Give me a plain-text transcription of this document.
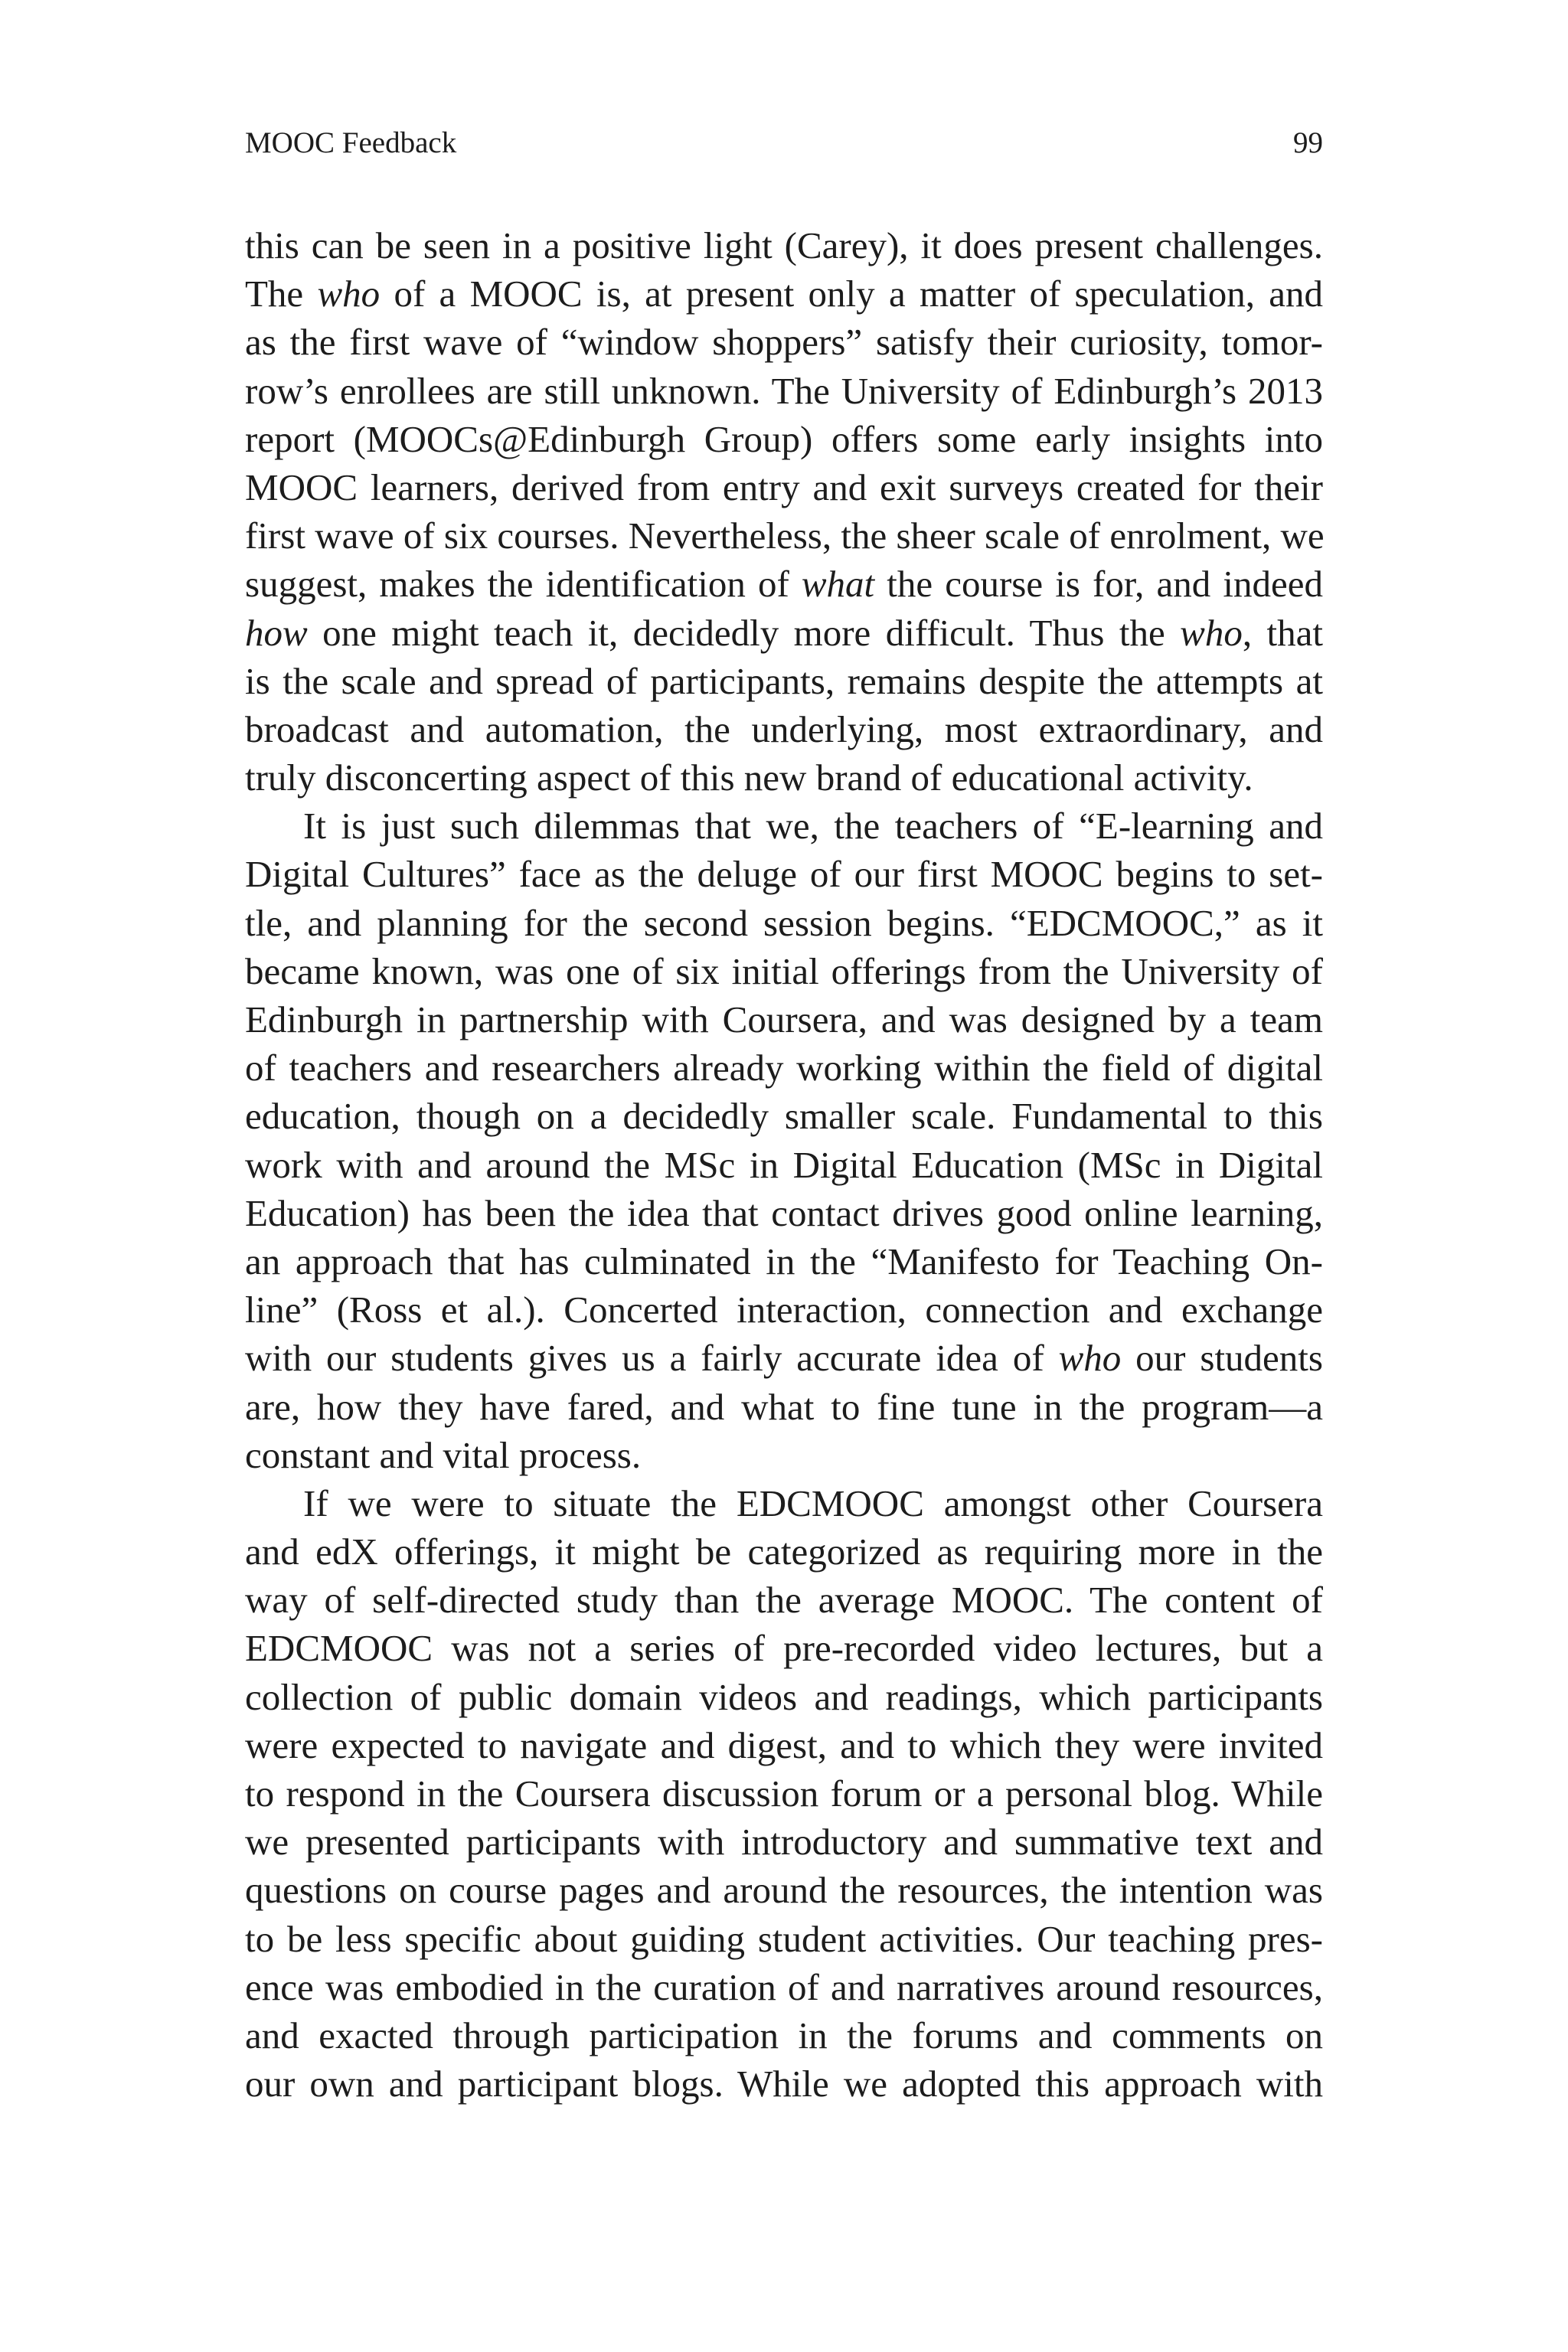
MOOC Feedback	99
this can be seen in a positive light (Carey), it does present challenges.
The who of a MOOC is, at present only a matter of speculation, and
as the first wave of “window shoppers” satisfy their curiosity, tomor-
row’s enrollees are still unknown. The University of Edinburgh’s 2013
report (MOOCs@Edinburgh Group) offers some early insights into
MOOC learners, derived from entry and exit surveys created for their
first wave of six courses. Nevertheless, the sheer scale of enrolment, we
suggest, makes the identification of what the course is for, and indeed
how one might teach it, decidedly more difficult. Thus the who, that
is the scale and spread of participants, remains despite the attempts at
broadcast and automation, the underlying, most extraordinary, and
truly disconcerting aspect of this new brand of educational activity.
It is just such dilemmas that we, the teachers of “E-learning and
Digital Cultures” face as the deluge of our first MOOC begins to set-
tle, and planning for the second session begins. “EDCMOOC,” as it
became known, was one of six initial offerings from the University of
Edinburgh in partnership with Coursera, and was designed by a team
of teachers and researchers already working within the field of digital
education, though on a decidedly smaller scale. Fundamental to this
work with and around the MSc in Digital Education (MSc in Digital
Education) has been the idea that contact drives good online learning,
an approach that has culminated in the “Manifesto for Teaching On-
line” (Ross et al.). Concerted interaction, connection and exchange
with our students gives us a fairly accurate idea of who our students
are, how they have fared, and what to fine tune in the program—a
constant and vital process.
If we were to situate the EDCMOOC amongst other Coursera
and edX offerings, it might be categorized as requiring more in the
way of self-directed study than the average MOOC. The content of
EDCMOOC was not a series of pre-recorded video lectures, but a
collection of public domain videos and readings, which participants
were expected to navigate and digest, and to which they were invited
to respond in the Coursera discussion forum or a personal blog. While
we presented participants with introductory and summative text and
questions on course pages and around the resources, the intention was
to be less specific about guiding student activities. Our teaching pres-
ence was embodied in the curation of and narratives around resources,
and exacted through participation in the forums and comments on
our own and participant blogs. While we adopted this approach with
